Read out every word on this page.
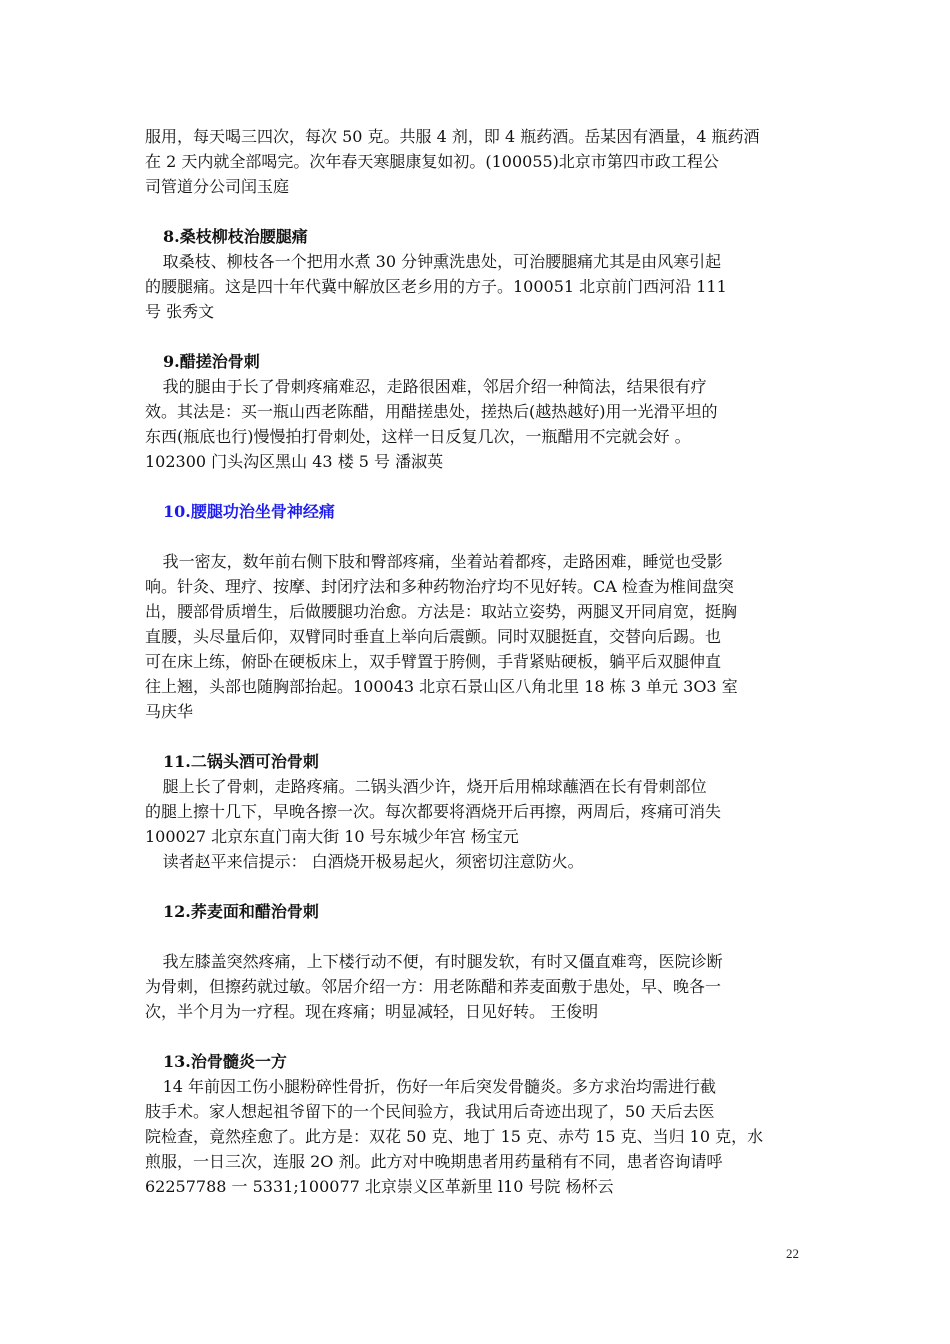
服用，每天喝三四次，每次 50 克。共服 4 剂，即 4 瓶药酒。岳某因有酒量，4 瓶药酒

在 2 天内就全部喝完。次年春天寒腿康复如初。(100055)北京市第四市政工程公

司管道分公司闰玉庭

8.桑枝柳枝治腰腿痛

取桑枝、柳枝各一个把用水煮 30 分钟熏洗患处，可治腰腿痛尤其是由风寒引起

的腰腿痛。这是四十年代冀中解放区老乡用的方子。100051 北京前门西河沿 111

号 张秀文

9.醋搓治骨刺

我的腿由于长了骨刺疼痛难忍，走路很困难，邻居介绍一种简法，结果很有疗

效。其法是：买一瓶山西老陈醋，用醋搓患处，搓热后(越热越好)用一光滑平坦的

东西(瓶底也行)慢慢拍打骨刺处，这样一日反复几次，一瓶醋用不完就会好 。

102300 门头沟区黑山 43 楼 5 号 潘淑英

10.腰腿功治坐骨神经痛

我一密友，数年前右侧下肢和臀部疼痛，坐着站着都疼，走路困难，睡觉也受影

响。针灸、理疗、按摩、封闭疗法和多种药物治疗均不见好转。CA 检查为椎间盘突

出，腰部骨质增生，后做腰腿功治愈。方法是：取站立姿势，两腿叉开同肩宽，挺胸

直腰，头尽量后仰，双臂同时垂直上举向后震颤。同时双腿挺直，交替向后踢。也

可在床上练，俯卧在硬板床上，双手臂置于胯侧，手背紧贴硬板，躺平后双腿伸直

往上翘，头部也随胸部抬起。100043 北京石景山区八角北里 18 栋 3 单元 3O3 室

马庆华

11.二锅头酒可治骨刺

腿上长了骨刺，走路疼痛。二锅头酒少许，烧开后用棉球蘸酒在长有骨刺部位

的腿上擦十几下，早晚各擦一次。每次都要将酒烧开后再擦，两周后，疼痛可消失

100027 北京东直门南大街 10 号东城少年宫 杨宝元

读者赵平来信提示： 白酒烧开极易起火，须密切注意防火。

12.荞麦面和醋治骨刺

我左膝盖突然疼痛，上下楼行动不便，有时腿发软，有时又僵直难弯，医院诊断

为骨刺，但擦药就过敏。邻居介绍一方：用老陈醋和荞麦面敷于患处，早、晚各一

次，半个月为一疗程。现在疼痛；明显减轻，日见好转。 王俊明

13.治骨髓炎一方

14 年前因工伤小腿粉碎性骨折，伤好一年后突发骨髓炎。多方求治均需进行截

肢手术。家人想起祖爷留下的一个民间验方，我试用后奇迹出现了，50 天后去医

院检查，竟然痊愈了。此方是：双花 50 克、地丁 15 克、赤芍 15 克、当归 10 克，水

煎服，一日三次，连服 2O 剂。此方对中晚期患者用药量稍有不同，患者咨询请呼

62257788 一 5331;100077 北京崇义区革新里 l10 号院 杨杯云

22
